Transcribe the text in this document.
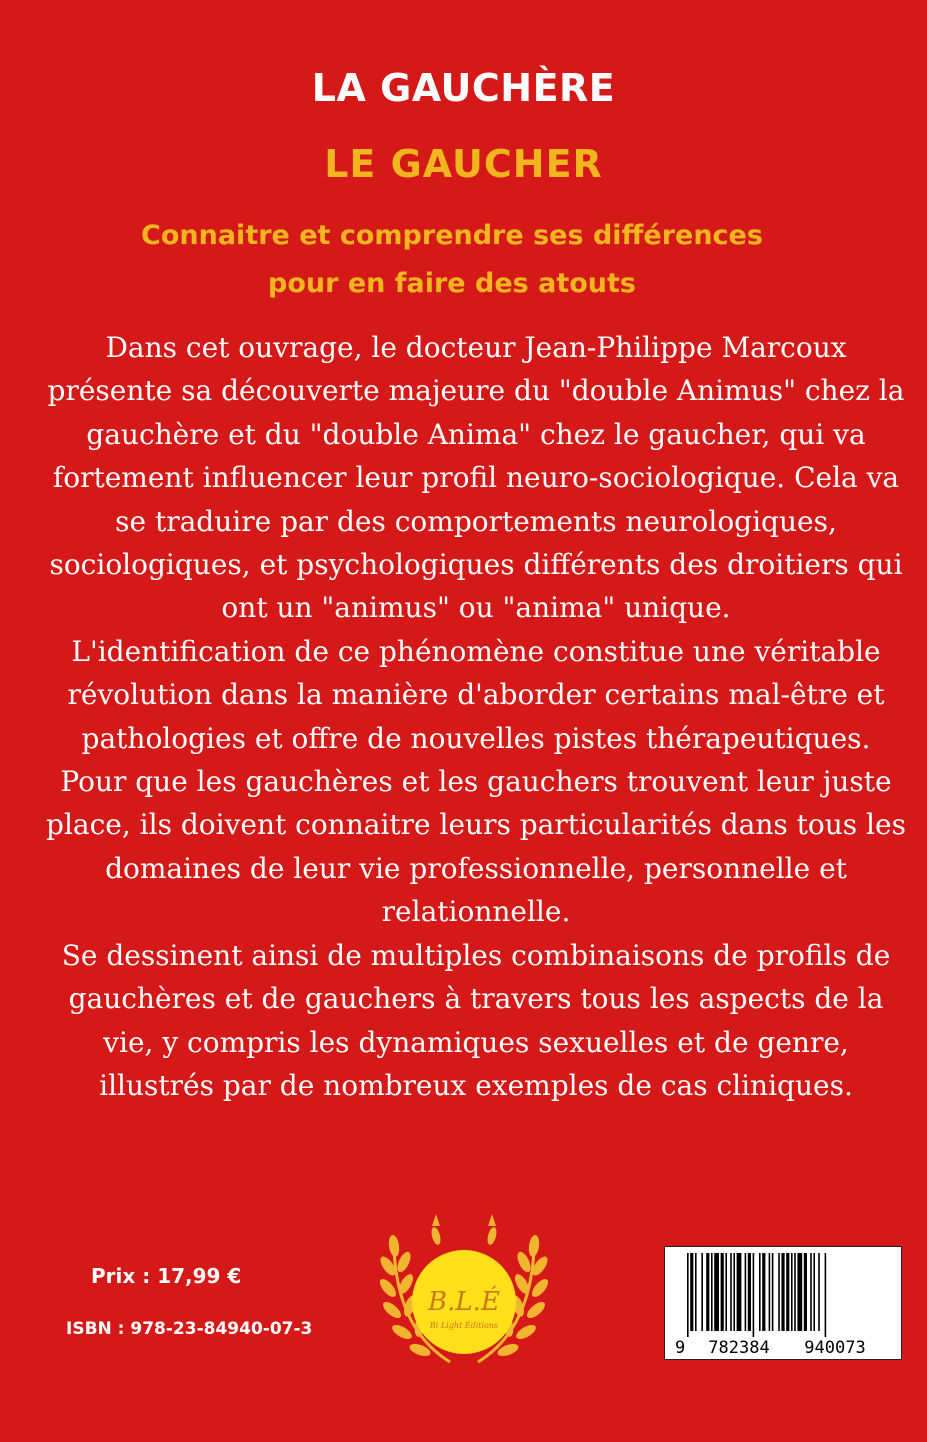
LA GAUCHÈRE
LE GAUCHER
Connaitre et comprendre ses différences
pour en faire des atouts

Dans cet ouvrage, le docteur Jean-Philippe Marcoux présente sa découverte majeure du "double Animus" chez la gauchère et du "double Anima" chez le gaucher, qui va fortement influencer leur profil neuro-sociologique. Cela va se traduire par des comportements neurologiques, sociologiques, et psychologiques différents des droitiers qui ont un "animus" ou "anima" unique.

L'identification de ce phénomène constitue une véritable révolution dans la manière d'aborder certains mal-être et pathologies et offre de nouvelles pistes thérapeutiques.

Pour que les gauchères et les gauchers trouvent leur juste place, ils doivent connaitre leurs particularités dans tous les domaines de leur vie professionnelle, personnelle et relationnelle.

Se dessinent ainsi de multiples combinaisons de profils de gauchères et de gauchers à travers tous les aspects de la vie, y compris les dynamiques sexuelles et de genre, illustrés par de nombreux exemples de cas cliniques.

Prix : 17,99 €
ISBN : 978-23-84940-07-3
B.L.É
Bi Light Éditions
9 782384 940073
